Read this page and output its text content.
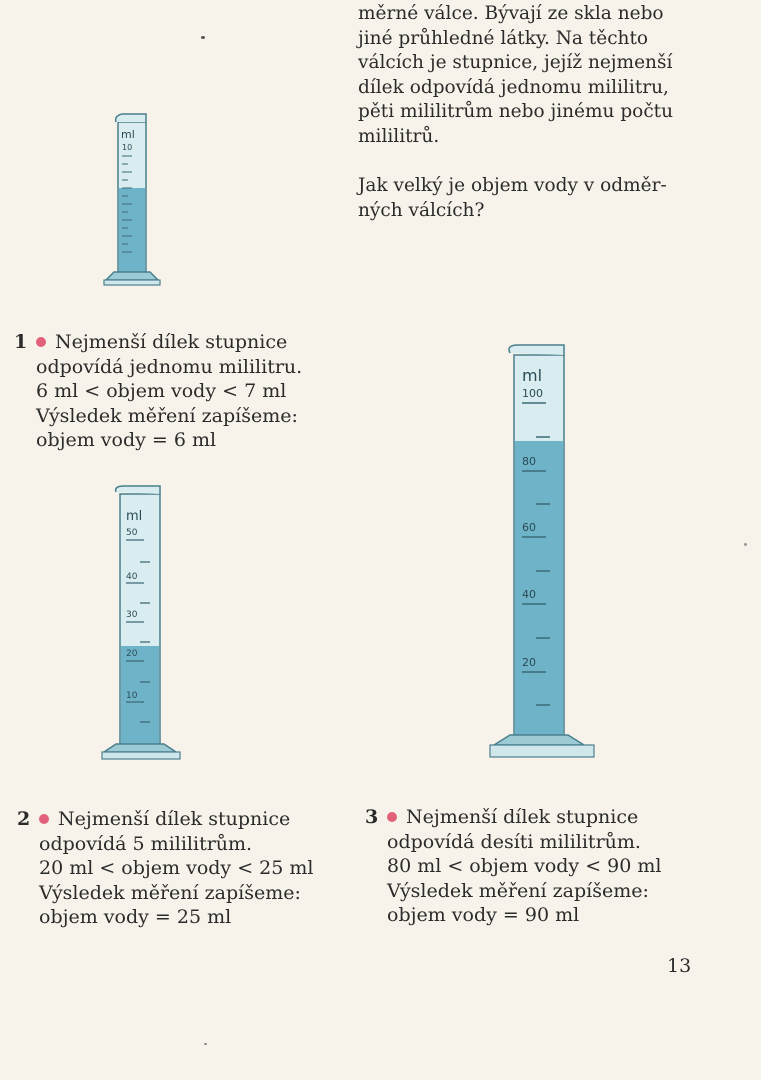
měrné válce. Bývají ze skla nebo

jiné průhledné látky. Na těchto

válcích je stupnice, jejíž nejmenší

dílek odpovídá jednomu mililitru,

pěti mililitrům nebo jinému počtu

mililitrů.

Jak velký je objem vody v odměr-

ných válcích?

ml
10
ml
50
40
30
20
10
ml
100
80
60
40
20
1 Nejmenší dílek stupnice
odpovídá jednomu mililitru.
6 ml < objem vody < 7 ml
Výsledek měření zapíšeme:
objem vody = 6 ml
2 Nejmenší dílek stupnice
odpovídá 5 mililitrům.
20 ml < objem vody < 25 ml
Výsledek měření zapíšeme:
objem vody = 25 ml
3 Nejmenší dílek stupnice
odpovídá desíti mililitrům.
80 ml < objem vody < 90 ml
Výsledek měření zapíšeme:
objem vody = 90 ml
13
